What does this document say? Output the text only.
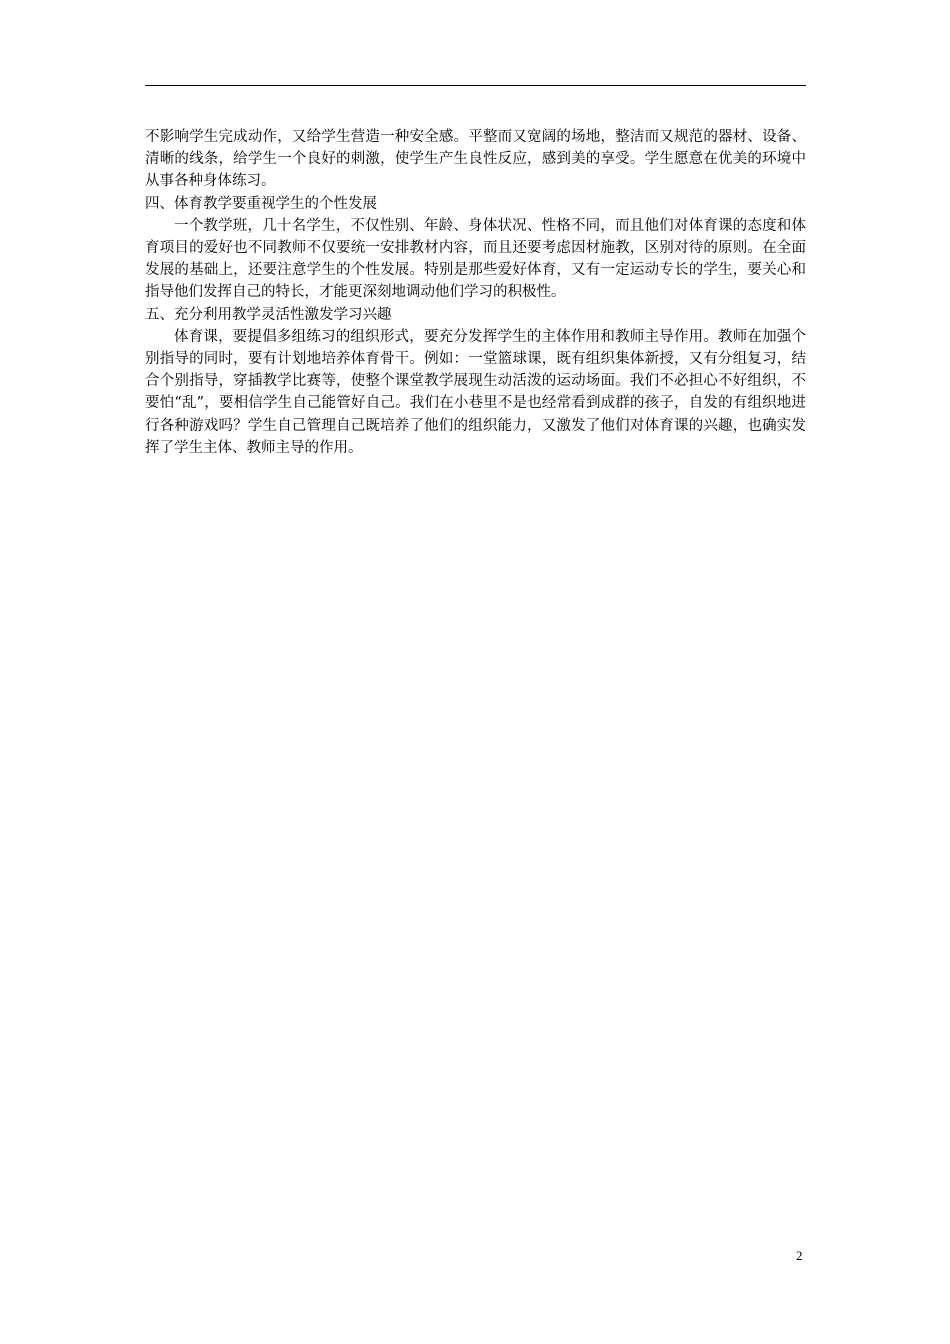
不影响学生完成动作，又给学生营造一种安全感。平整而又宽阔的场地，整洁而又规范的器材、设备、清晰的线条，给学生一个良好的刺激，使学生产生良性反应，感到美的享受。学生愿意在优美的环境中从事各种身体练习。

四、体育教学要重视学生的个性发展

一个教学班，几十名学生，不仅性别、年龄、身体状况、性格不同，而且他们对体育课的态度和体育项目的爱好也不同教师不仅要统一安排教材内容，而且还要考虑因材施教，区别对待的原则。在全面发展的基础上，还要注意学生的个性发展。特别是那些爱好体育，又有一定运动专长的学生，要关心和指导他们发挥自己的特长，才能更深刻地调动他们学习的积极性。

五、充分利用教学灵活性激发学习兴趣

体育课，要提倡多组练习的组织形式，要充分发挥学生的主体作用和教师主导作用。教师在加强个别指导的同时，要有计划地培养体育骨干。例如：一堂篮球课，既有组织集体新授，又有分组复习，结合个别指导，穿插教学比赛等，使整个课堂教学展现生动活泼的运动场面。我们不必担心不好组织，不要怕“乱”，要相信学生自己能管好自己。我们在小巷里不是也经常看到成群的孩子，自发的有组织地进行各种游戏吗？学生自己管理自己既培养了他们的组织能力，又激发了他们对体育课的兴趣，也确实发挥了学生主体、教师主导的作用。

2
